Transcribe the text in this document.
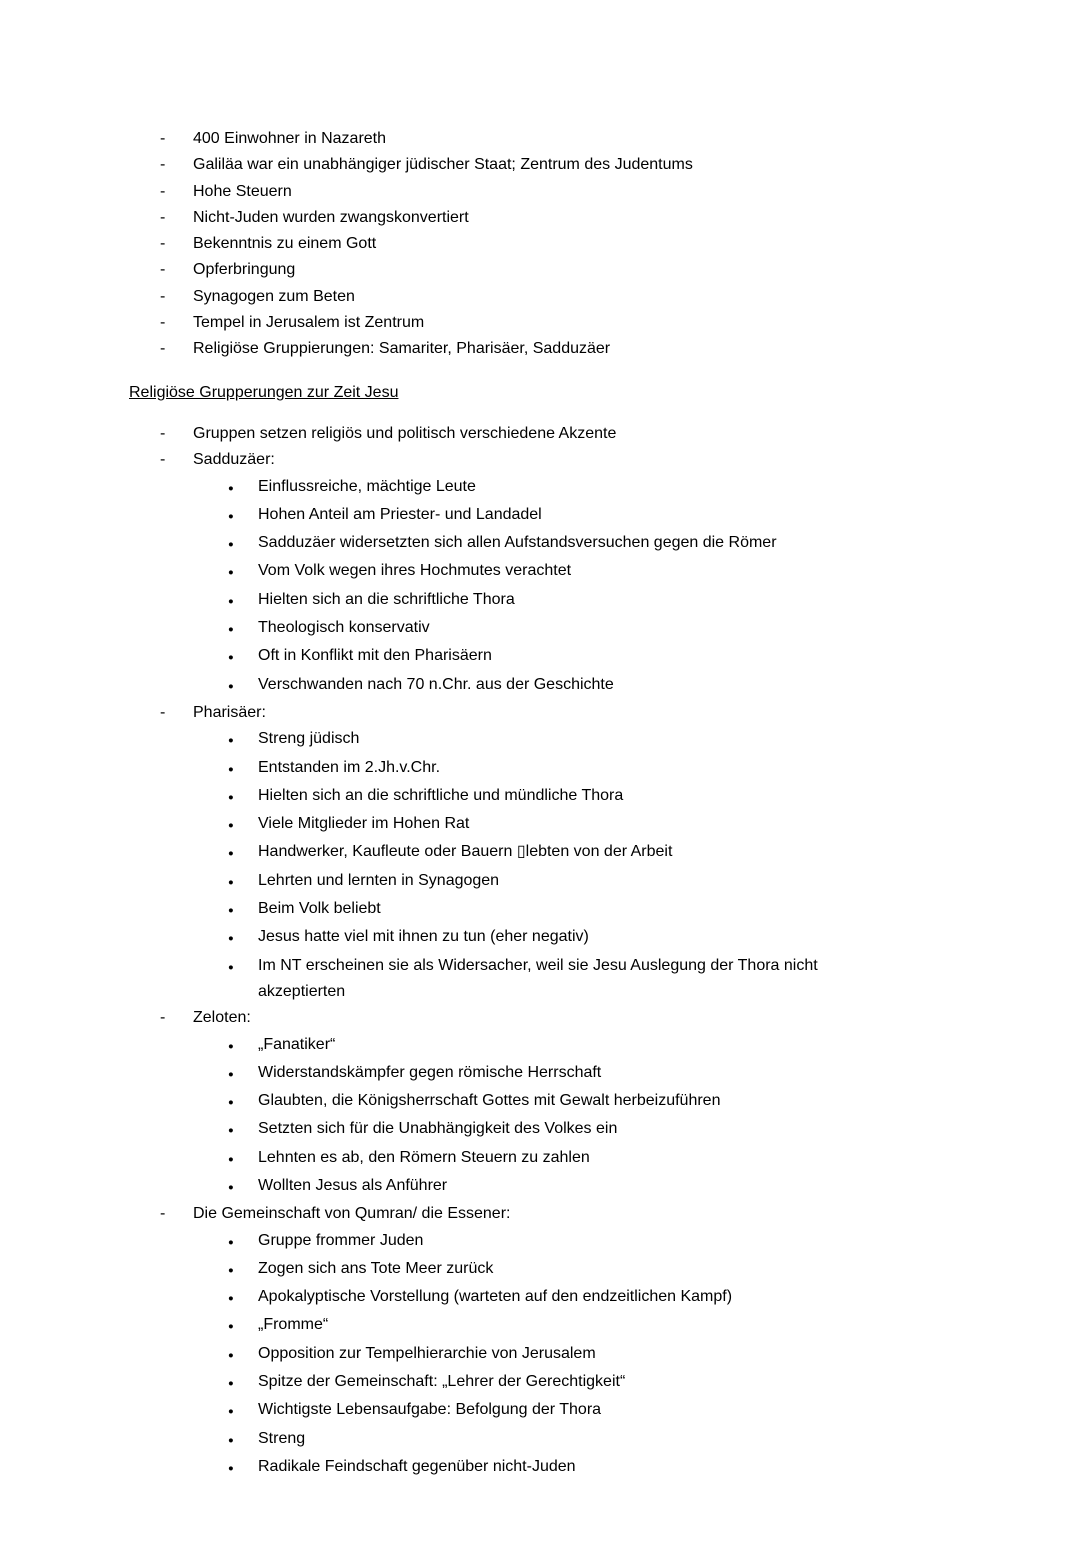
-	400 Einwohner in Nazareth
-	Galiläa war ein unabhängiger jüdischer Staat; Zentrum des Judentums
-	Hohe Steuern
-	Nicht-Juden wurden zwangskonvertiert
-	Bekenntnis zu einem Gott
-	Opferbringung
-	Synagogen zum Beten
-	Tempel in Jerusalem ist Zentrum
-	Religiöse Gruppierungen: Samariter, Pharisäer, Sadduzäer
Religiöse Grupperungen zur Zeit Jesu
-	Gruppen setzen religiös und politisch verschiedene Akzente
-	Sadduzäer:
●	Einflussreiche, mächtige Leute
●	Hohen Anteil am Priester- und Landadel
●	Sadduzäer widersetzten sich allen Aufstandsversuchen gegen die Römer
●	Vom Volk wegen ihres Hochmutes verachtet
●	Hielten sich an die schriftliche Thora
●	Theologisch konservativ
●	Oft in Konflikt mit den Pharisäern
●	Verschwanden nach 70 n.Chr. aus der Geschichte
-	Pharisäer:
●	Streng jüdisch
●	Entstanden im 2.Jh.v.Chr.
●	Hielten sich an die schriftliche und mündliche Thora
●	Viele Mitglieder im Hohen Rat
●	Handwerker, Kaufleute oder Bauern ▯lebten von der Arbeit
●	Lehrten und lernten in Synagogen
●	Beim Volk beliebt
●	Jesus hatte viel mit ihnen zu tun (eher negativ)
●	Im NT erscheinen sie als Widersacher, weil sie Jesu Auslegung der Thora nicht akzeptierten
-	Zeloten:
●	„Fanatiker“
●	Widerstandskämpfer gegen römische Herrschaft
●	Glaubten, die Königsherrschaft Gottes mit Gewalt herbeizuführen
●	Setzten sich für die Unabhängigkeit des Volkes ein
●	Lehnten es ab, den Römern Steuern zu zahlen
●	Wollten Jesus als Anführer
-	Die Gemeinschaft von Qumran/ die Essener:
●	Gruppe frommer Juden
●	Zogen sich ans Tote Meer zurück
●	Apokalyptische Vorstellung (warteten auf den endzeitlichen Kampf)
●	„Fromme“
●	Opposition zur Tempelhierarchie von Jerusalem
●	Spitze der Gemeinschaft: „Lehrer der Gerechtigkeit“
●	Wichtigste Lebensaufgabe: Befolgung der Thora
●	Streng
●	Radikale Feindschaft gegenüber nicht-Juden
